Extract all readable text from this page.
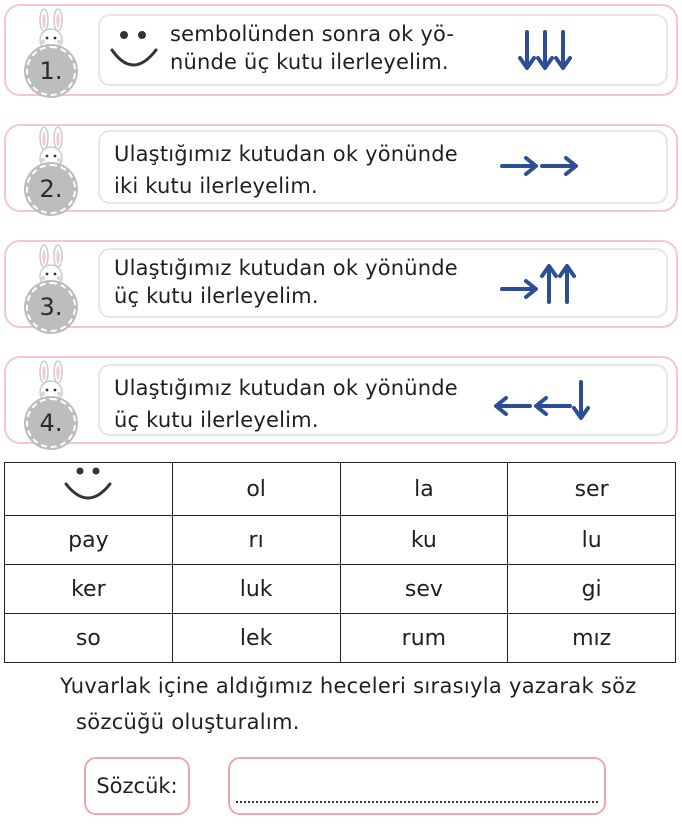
1.
sembolünden sonra ok yö-
nünde üç kutu ilerleyelim.
2.
Ulaştığımız kutudan ok yönünde
iki kutu ilerleyelim.
3.
Ulaştığımız kutudan ok yönünde
üç kutu ilerleyelim.
4.
Ulaştığımız kutudan ok yönünde
üç kutu ilerleyelim.
	ol	la	ser
pay	rı	ku	lu
ker	luk	sev	gi
so	lek	rum	mız
Yuvarlak içine aldığımız heceleri sırasıyla yazarak söz
sözcüğü oluşturalım.
Sözcük:
